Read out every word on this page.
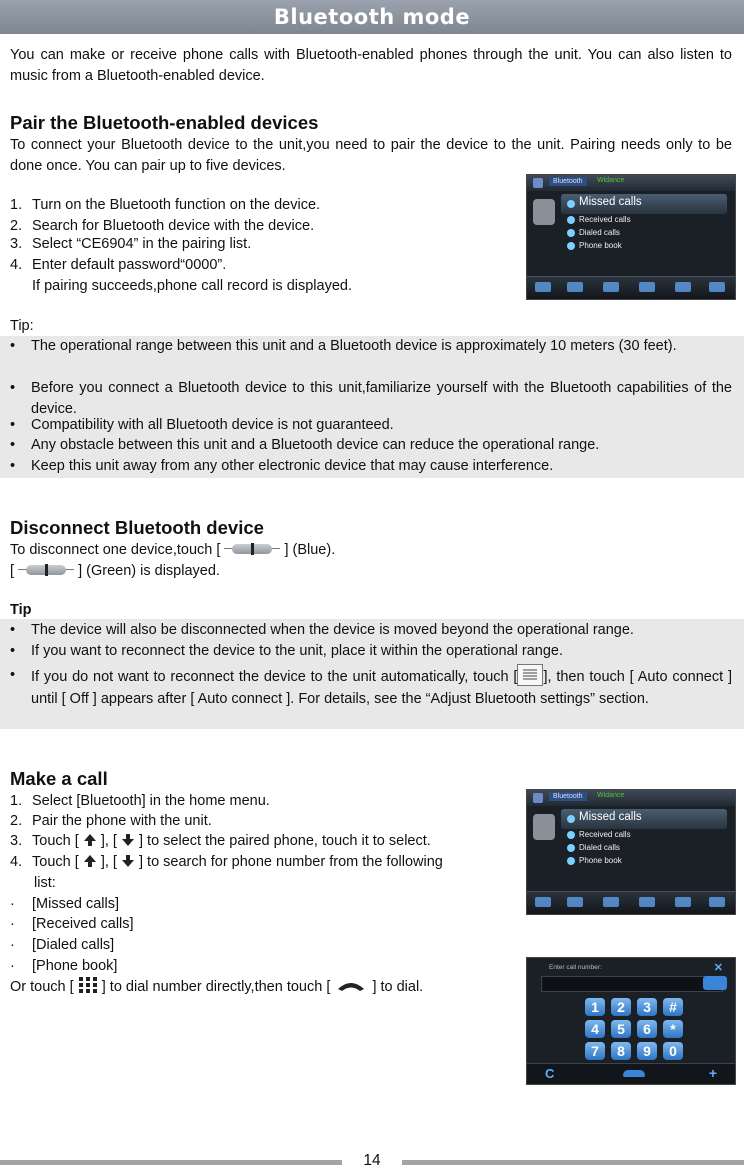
Bluetooth mode
You can make or receive phone calls with Bluetooth-enabled phones through the unit. You can also listen to music from a Bluetooth-enabled device.
Pair the Bluetooth-enabled devices
To connect your Bluetooth device to the unit,you need to pair the device to the unit. Pairing needs only to be done once. You can pair up to five devices.
1. Turn on the Bluetooth function on the device.
2. Search for Bluetooth device with the device.
3. Select “CE6904” in the pairing list.
4. Enter default password“0000”.
If pairing succeeds,phone call record is displayed.
Bluetooth	Widance
Missed calls
Received calls
Dialed calls
Phone book
Tip:
• The operational range between this unit and a Bluetooth device is approximately 10 meters (30 feet).
• Before you connect a Bluetooth device to this unit,familiarize yourself with the Bluetooth capabilities of the device.
• Compatibility with all Bluetooth device is not guaranteed.
• Any obstacle between this unit and a Bluetooth device can reduce the operational range.
• Keep this unit away from any other electronic device that may cause interference.
Disconnect Bluetooth device
To disconnect one device,touch [	] (Blue).
[	] (Green) is displayed.
Tip
• The device will also be disconnected when the device is moved beyond the operational range.
• If you want to reconnect the device to the unit, place it within the operational range.
• If you do not want to reconnect the device to the unit automatically, touch [ ], then touch [ Auto connect ] until [ Off ] appears after [ Auto connect ]. For details, see the “Adjust Bluetooth settings” section.
Make a call
1. Select [Bluetooth] in the home menu.
2. Pair the phone with the unit.
3. Touch [ ], [ ] to select the paired phone, touch it to select.
4. Touch [ ], [ ] to search for phone number from the following
list:
· [Missed calls]
· [Received calls]
· [Dialed calls]
· [Phone book]
Or touch [ ] to dial number directly,then touch [	] to dial.
Bluetooth	Widance
Missed calls
Received calls
Dialed calls
Phone book
Enter call number:	✕
1	2	3	#
4	5	6	*
7	8	9	0
C	+
14
